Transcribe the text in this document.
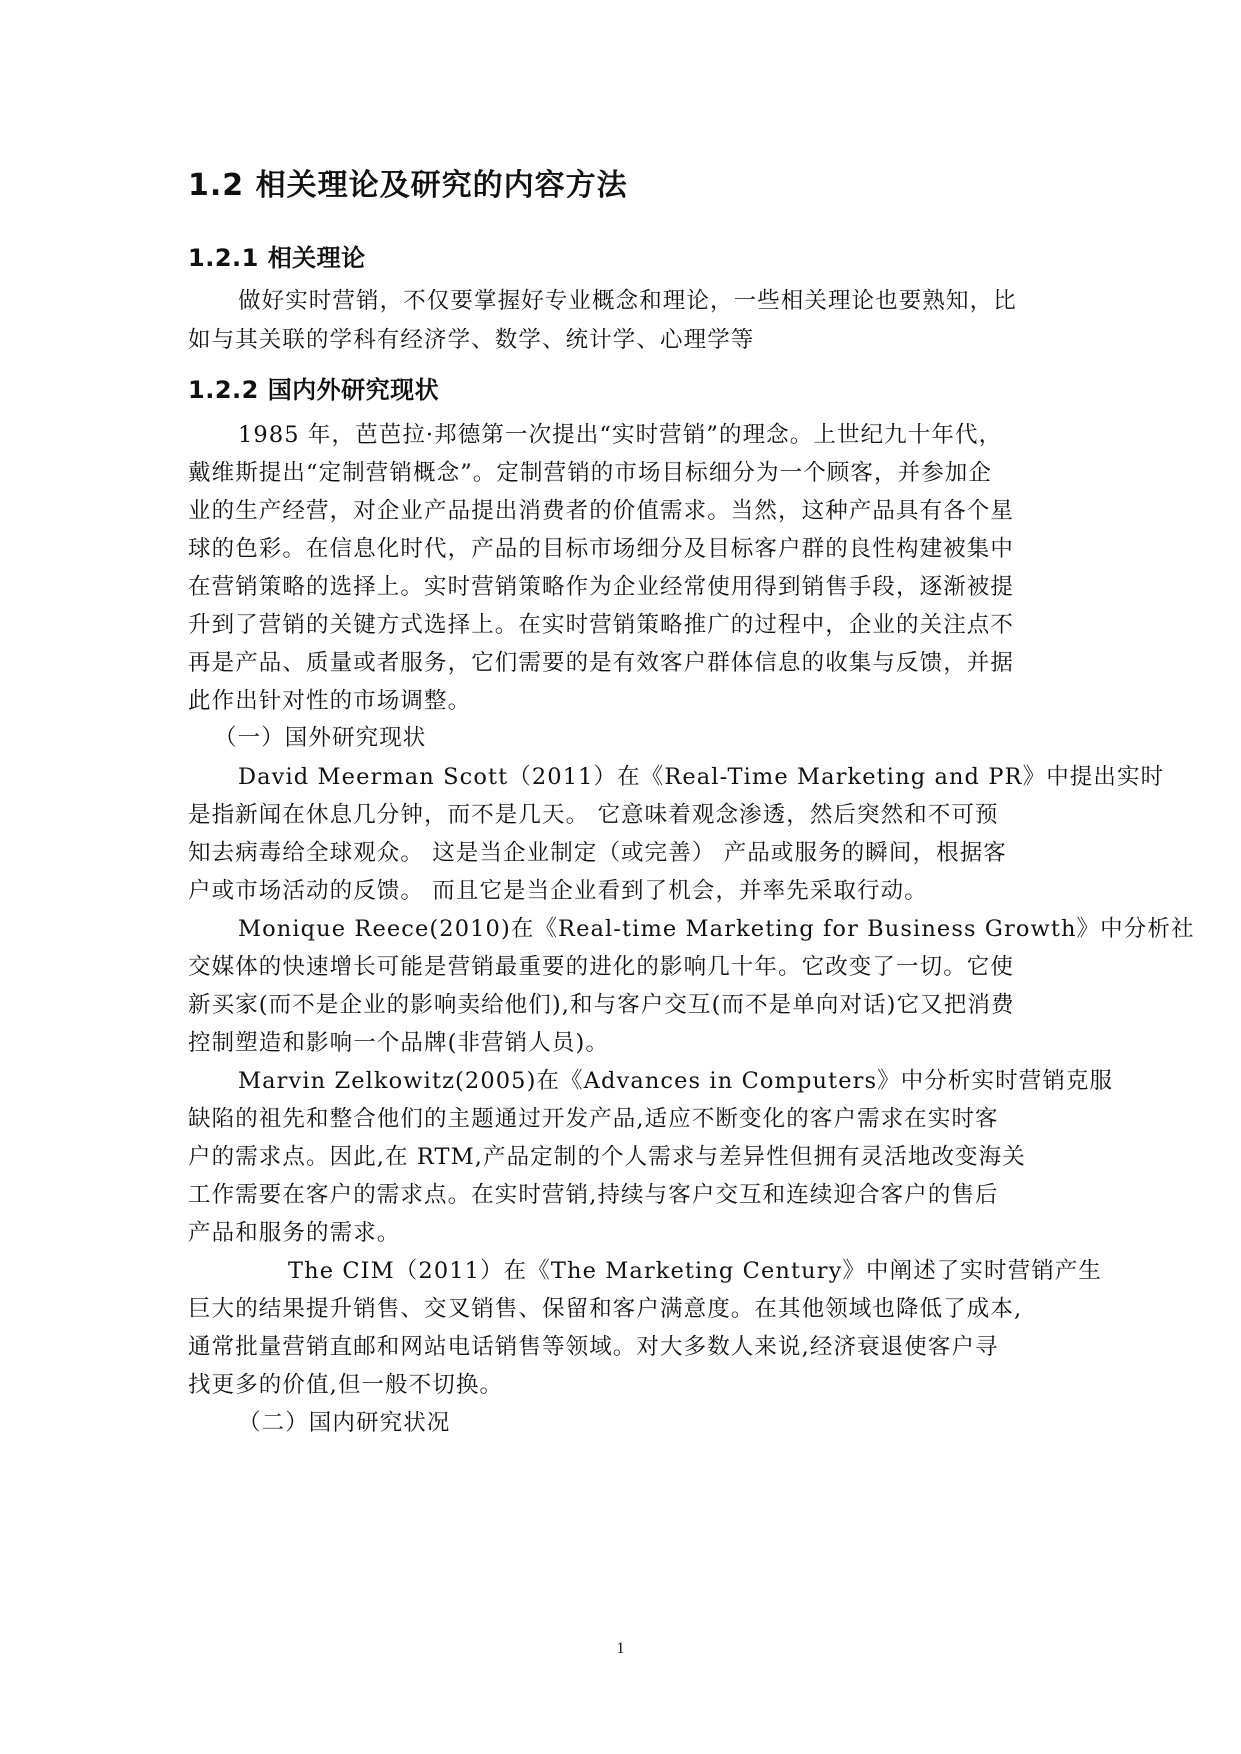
1.2 相关理论及研究的内容方法
1.2.1 相关理论
做好实时营销，不仅要掌握好专业概念和理论，一些相关理论也要熟知，比
如与其关联的学科有经济学、数学、统计学、心理学等
1.2.2 国内外研究现状
1985 年，芭芭拉·邦德第一次提出“实时营销”的理念。上世纪九十年代，
戴维斯提出“定制营销概念”。定制营销的市场目标细分为一个顾客，并参加企
业的生产经营，对企业产品提出消费者的价值需求。当然，这种产品具有各个星
球的色彩。在信息化时代，产品的目标市场细分及目标客户群的良性构建被集中
在营销策略的选择上。实时营销策略作为企业经常使用得到销售手段，逐渐被提
升到了营销的关键方式选择上。在实时营销策略推广的过程中，企业的关注点不
再是产品、质量或者服务，它们需要的是有效客户群体信息的收集与反馈，并据
此作出针对性的市场调整。
（一）国外研究现状
David Meerman Scott（2011）在《Real-Time Marketing and PR》中提出实时
是指新闻在休息几分钟，而不是几天。 它意味着观念渗透，然后突然和不可预
知去病毒给全球观众。 这是当企业制定（或完善） 产品或服务的瞬间，根据客
户或市场活动的反馈。 而且它是当企业看到了机会，并率先采取行动。
Monique Reece(2010)在《Real-time Marketing for Business Growth》中分析社
交媒体的快速增长可能是营销最重要的进化的影响几十年。它改变了一切。它使
新买家(而不是企业的影响卖给他们),和与客户交互(而不是单向对话)它又把消费
控制塑造和影响一个品牌(非营销人员)。
Marvin Zelkowitz(2005)在《Advances in Computers》中分析实时营销克服
缺陷的祖先和整合他们的主题通过开发产品,适应不断变化的客户需求在实时客
户的需求点。因此,在 RTM,产品定制的个人需求与差异性但拥有灵活地改变海关
工作需要在客户的需求点。在实时营销,持续与客户交互和连续迎合客户的售后
产品和服务的需求。
The CIM（2011）在《The Marketing Century》中阐述了实时营销产生
巨大的结果提升销售、交叉销售、保留和客户满意度。在其他领域也降低了成本,
通常批量营销直邮和网站电话销售等领域。对大多数人来说,经济衰退使客户寻
找更多的价值,但一般不切换。
（二）国内研究状况
1
